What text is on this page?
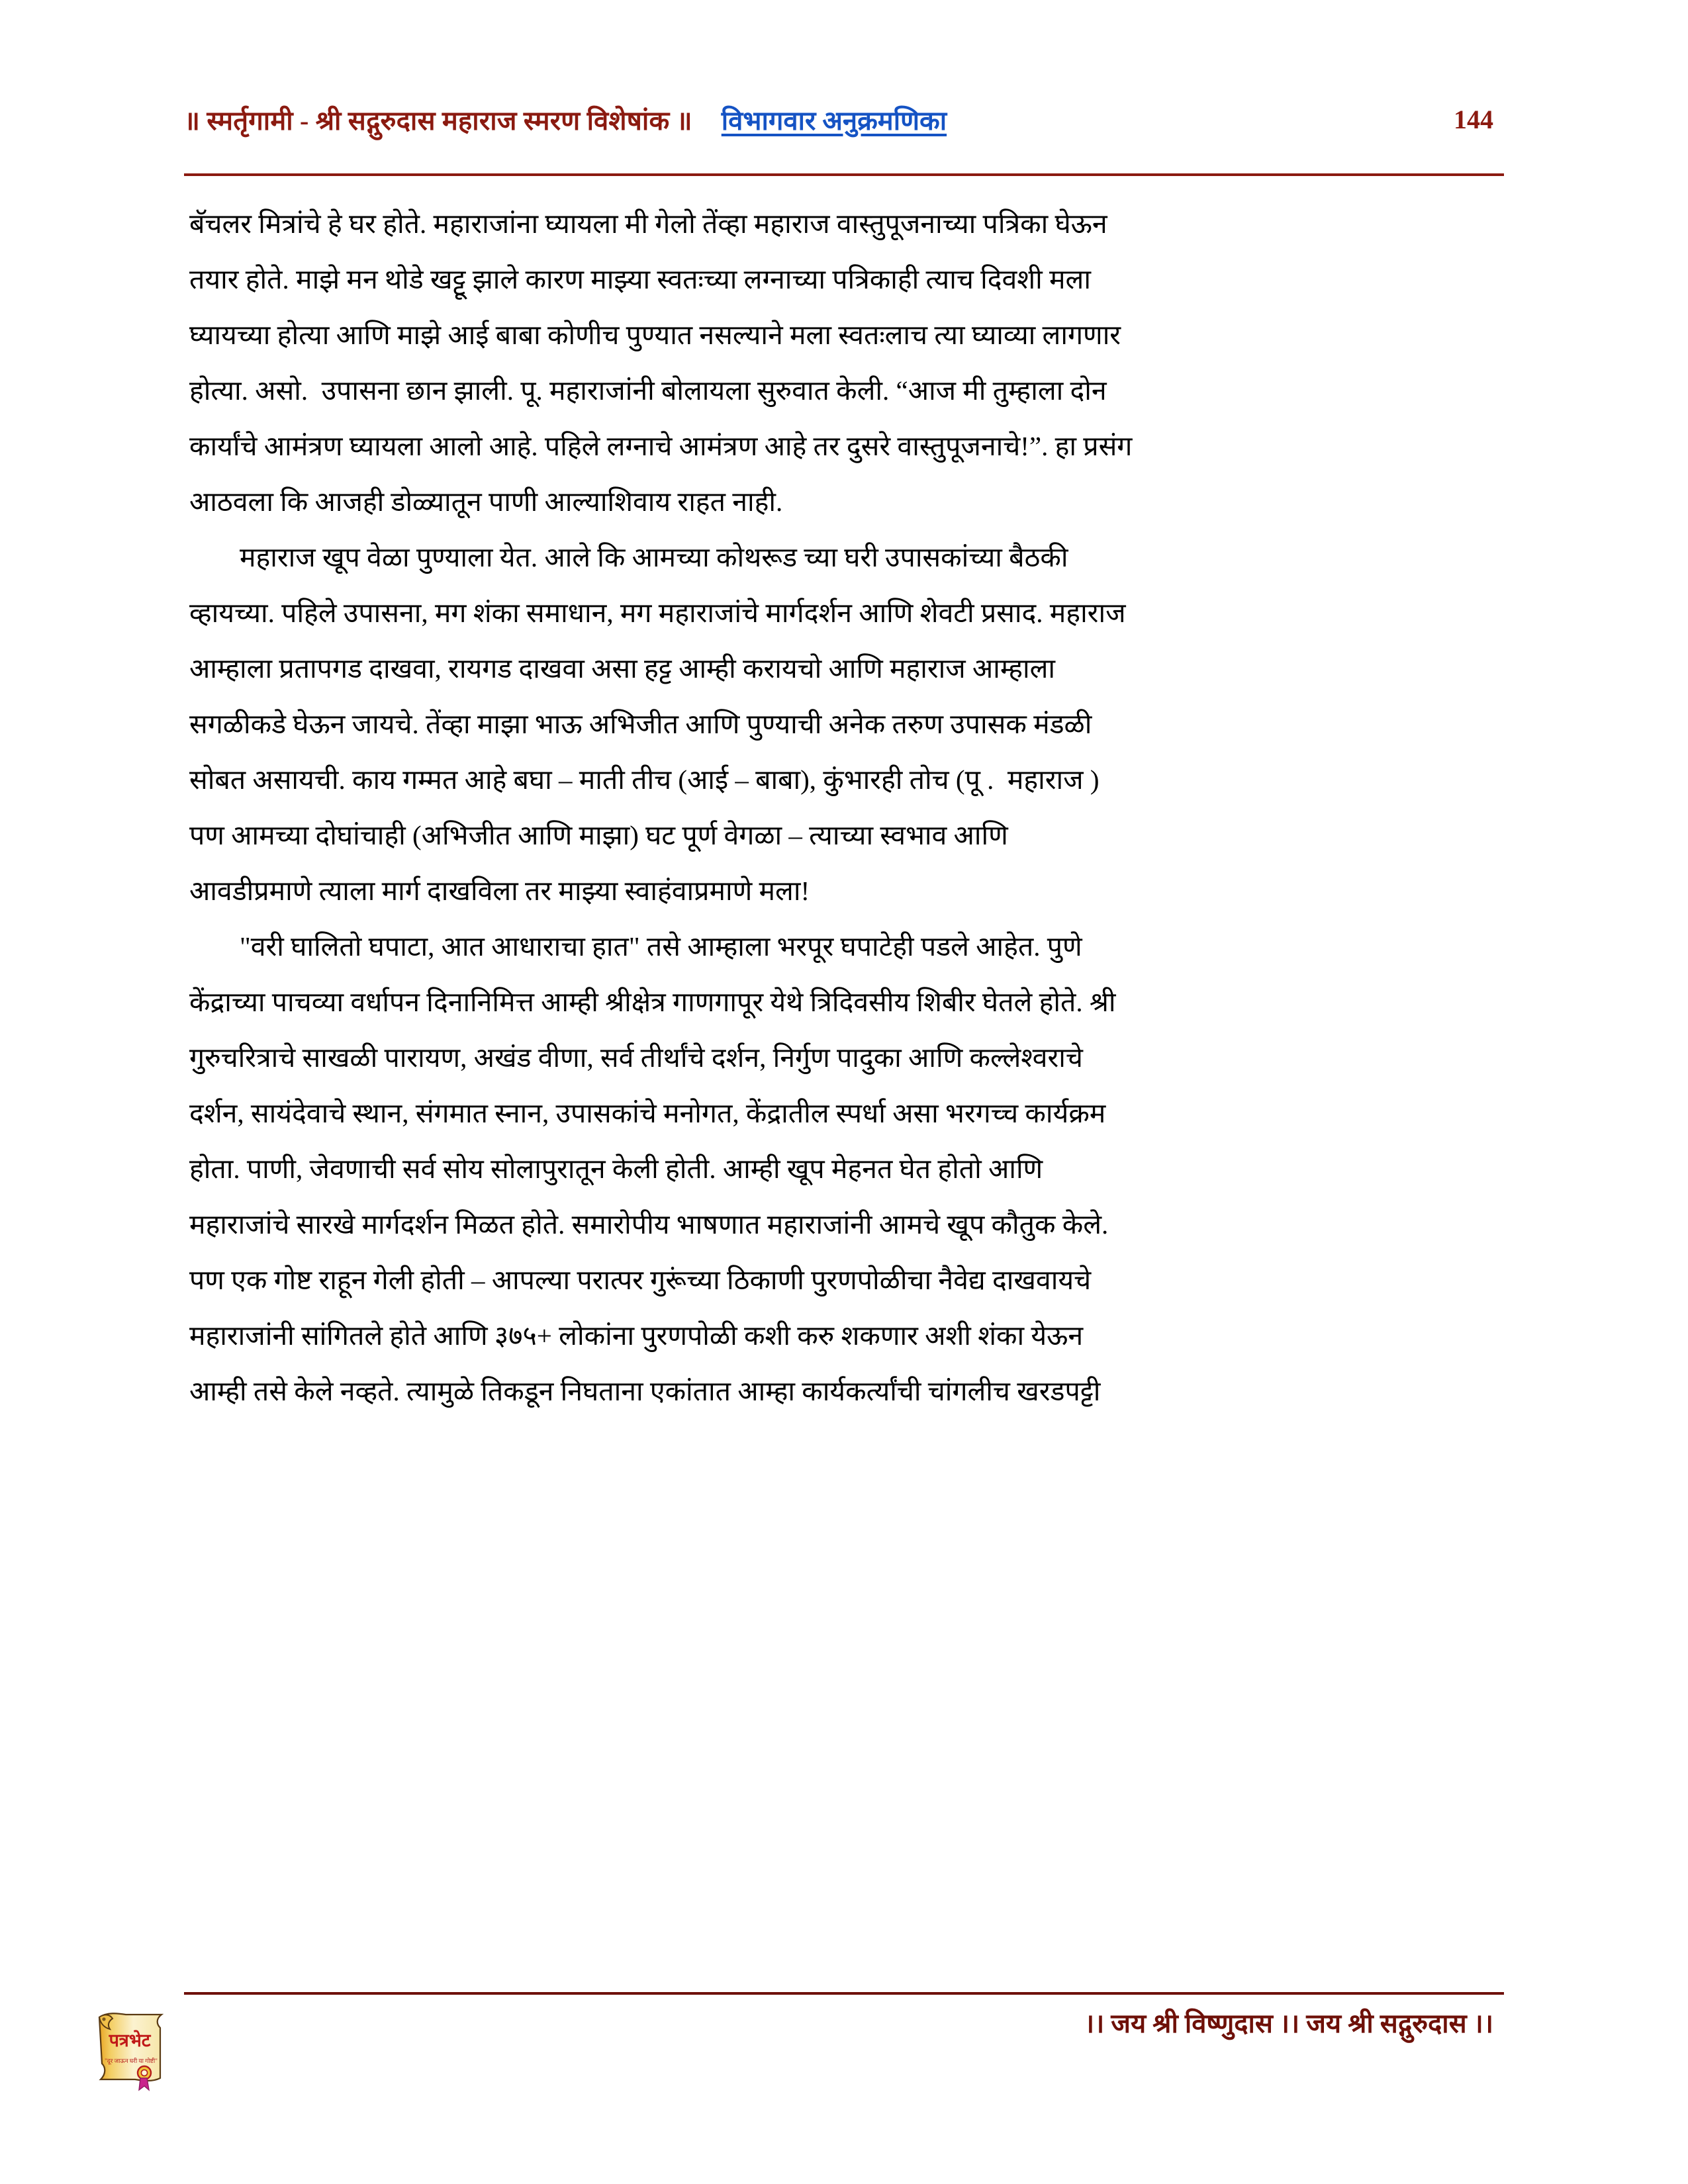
॥ स्मर्तृगामी - श्री सद्गुरुदास महाराज स्मरण विशेषांक ॥ विभागवार अनुक्रमणिका	144

बॅचलर मित्रांचे हे घर होते. महाराजांना घ्यायला मी गेलो तेंव्हा महाराज वास्तुपूजनाच्या पत्रिका घेऊन
तयार होते. माझे मन थोडे खट्टू झाले कारण माझ्या स्वतःच्या लग्नाच्या पत्रिकाही त्याच दिवशी मला
घ्यायच्या होत्या आणि माझे आई बाबा कोणीच पुण्यात नसल्याने मला स्वतःलाच त्या घ्याव्या लागणार
होत्या. असो.  उपासना छान झाली. पू. महाराजांनी बोलायला सुरुवात केली. “आज मी तुम्हाला दोन
कार्यांचे आमंत्रण घ्यायला आलो आहे. पहिले लग्नाचे आमंत्रण आहे तर दुसरे वास्तुपूजनाचे!”. हा प्रसंग
आठवला कि आजही डोळ्यातून पाणी आल्याशिवाय राहत नाही.

महाराज खूप वेळा पुण्याला येत. आले कि आमच्या कोथरूड च्या घरी उपासकांच्या बैठकी
व्हायच्या. पहिले उपासना, मग शंका समाधान, मग महाराजांचे मार्गदर्शन आणि शेवटी प्रसाद. महाराज
आम्हाला प्रतापगड दाखवा, रायगड दाखवा असा हट्ट आम्ही करायचो आणि महाराज आम्हाला
सगळीकडे घेऊन जायचे. तेंव्हा माझा भाऊ अभिजीत आणि पुण्याची अनेक तरुण उपासक मंडळी
सोबत असायची. काय गम्मत आहे बघा – माती तीच (आई – बाबा), कुंभारही तोच (पू .  महाराज )
पण आमच्या दोघांचाही (अभिजीत आणि माझा) घट पूर्ण वेगळा – त्याच्या स्वभाव आणि
आवडीप्रमाणे त्याला मार्ग दाखविला तर माझ्या स्वाहंवाप्रमाणे मला!

"वरी घालितो घपाटा, आत आधाराचा हात" तसे आम्हाला भरपूर घपाटेही पडले आहेत. पुणे
केंद्राच्या पाचव्या वर्धापन दिनानिमित्त आम्ही श्रीक्षेत्र गाणगापूर येथे त्रिदिवसीय शिबीर घेतले होते. श्री
गुरुचरित्राचे साखळी पारायण, अखंड वीणा, सर्व तीर्थांचे दर्शन, निर्गुण पादुका आणि कल्लेश्वराचे
दर्शन, सायंदेवाचे स्थान, संगमात स्नान, उपासकांचे मनोगत, केंद्रातील स्पर्धा असा भरगच्च कार्यक्रम
होता. पाणी, जेवणाची सर्व सोय सोलापुरातून केली होती. आम्ही खूप मेहनत घेत होतो आणि
महाराजांचे सारखे मार्गदर्शन मिळत होते. समारोपीय भाषणात महाराजांनी आमचे खूप कौतुक केले.
पण एक गोष्ट राहून गेली होती – आपल्या परात्पर गुरूंच्या ठिकाणी पुरणपोळीचा नैवेद्य दाखवायचे
महाराजांनी सांगितले होते आणि ३७५+ लोकांना पुरणपोळी कशी करु शकणार अशी शंका येऊन
आम्ही तसे केले नव्हते. त्यामुळे तिकडून निघताना एकांतात आम्हा कार्यकर्त्यांची चांगलीच खरडपट्टी

।। जय श्री विष्णुदास ।। जय श्री सद्गुरुदास ।।
पत्रभेट
"दूर जाऊन घरी या गोष्टी"
